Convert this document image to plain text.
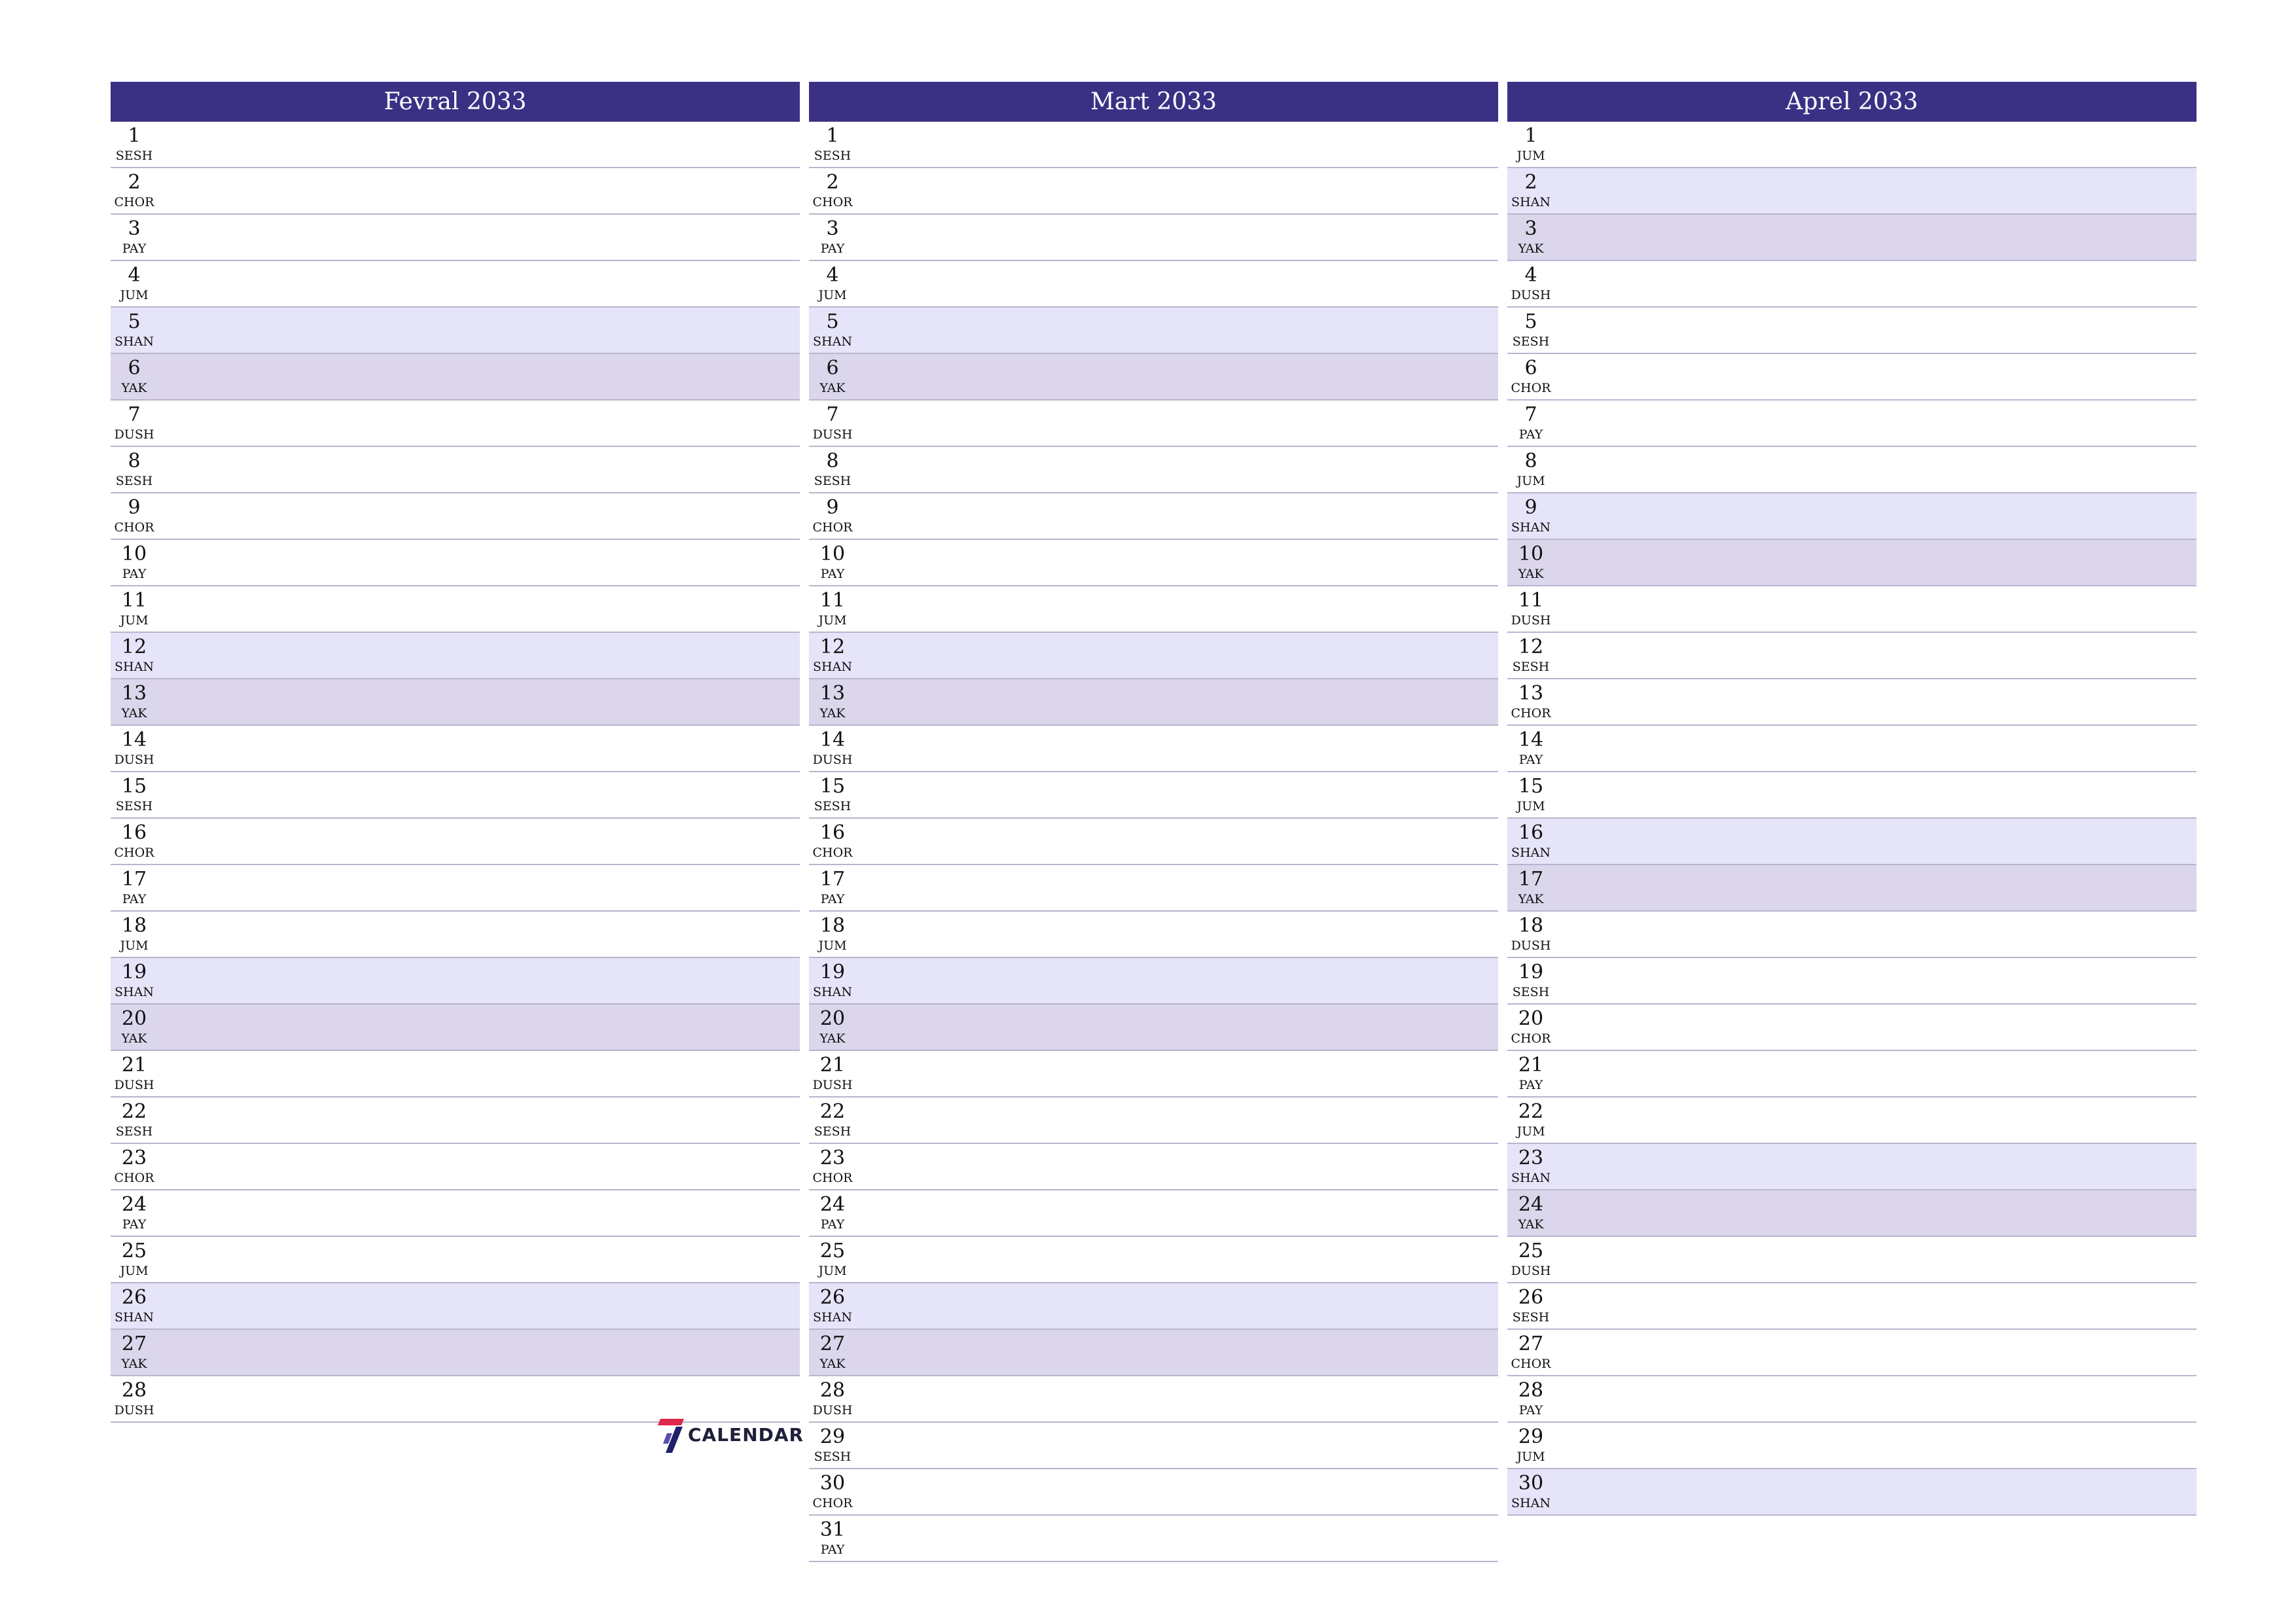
Fevral 2033
1
SESH
2
CHOR
3
PAY
4
JUM
5
SHAN
6
YAK
7
DUSH
8
SESH
9
CHOR
10
PAY
11
JUM
12
SHAN
13
YAK
14
DUSH
15
SESH
16
CHOR
17
PAY
18
JUM
19
SHAN
20
YAK
21
DUSH
22
SESH
23
CHOR
24
PAY
25
JUM
26
SHAN
27
YAK
28
DUSH
Mart 2033
1
SESH
2
CHOR
3
PAY
4
JUM
5
SHAN
6
YAK
7
DUSH
8
SESH
9
CHOR
10
PAY
11
JUM
12
SHAN
13
YAK
14
DUSH
15
SESH
16
CHOR
17
PAY
18
JUM
19
SHAN
20
YAK
21
DUSH
22
SESH
23
CHOR
24
PAY
25
JUM
26
SHAN
27
YAK
28
DUSH
29
SESH
30
CHOR
31
PAY
Aprel 2033
1
JUM
2
SHAN
3
YAK
4
DUSH
5
SESH
6
CHOR
7
PAY
8
JUM
9
SHAN
10
YAK
11
DUSH
12
SESH
13
CHOR
14
PAY
15
JUM
16
SHAN
17
YAK
18
DUSH
19
SESH
20
CHOR
21
PAY
22
JUM
23
SHAN
24
YAK
25
DUSH
26
SESH
27
CHOR
28
PAY
29
JUM
30
SHAN
CALENDAR
